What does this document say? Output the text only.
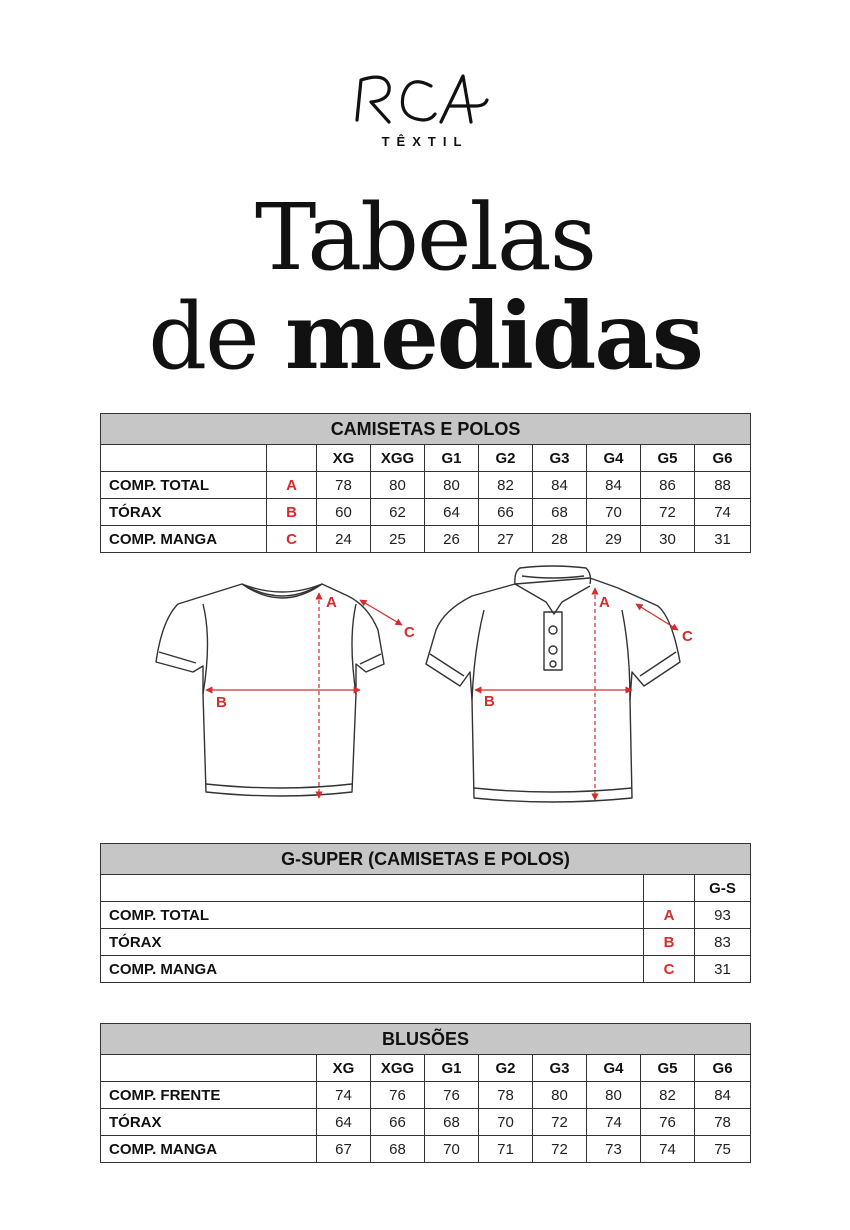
TÊXTIL
Tabelas
de medidas
CAMISETAS E POLOS									
		XG	XGG	G1	G2	G3	G4	G5	G6
COMP. TOTAL	A	78	80	80	82	84	84	86	88
TÓRAX	B	60	62	64	66	68	70	72	74
COMP. MANGA	C	24	25	26	27	28	29	30	31
A
B
C
A
B
C
G-SUPER (CAMISETAS E POLOS)		
		G-S
COMP. TOTAL	A	93
TÓRAX	B	83
COMP. MANGA	C	31
BLUSÕES								
	XG	XGG	G1	G2	G3	G4	G5	G6
COMP. FRENTE	74	76	76	78	80	80	82	84
TÓRAX	64	66	68	70	72	74	76	78
COMP. MANGA	67	68	70	71	72	73	74	75
